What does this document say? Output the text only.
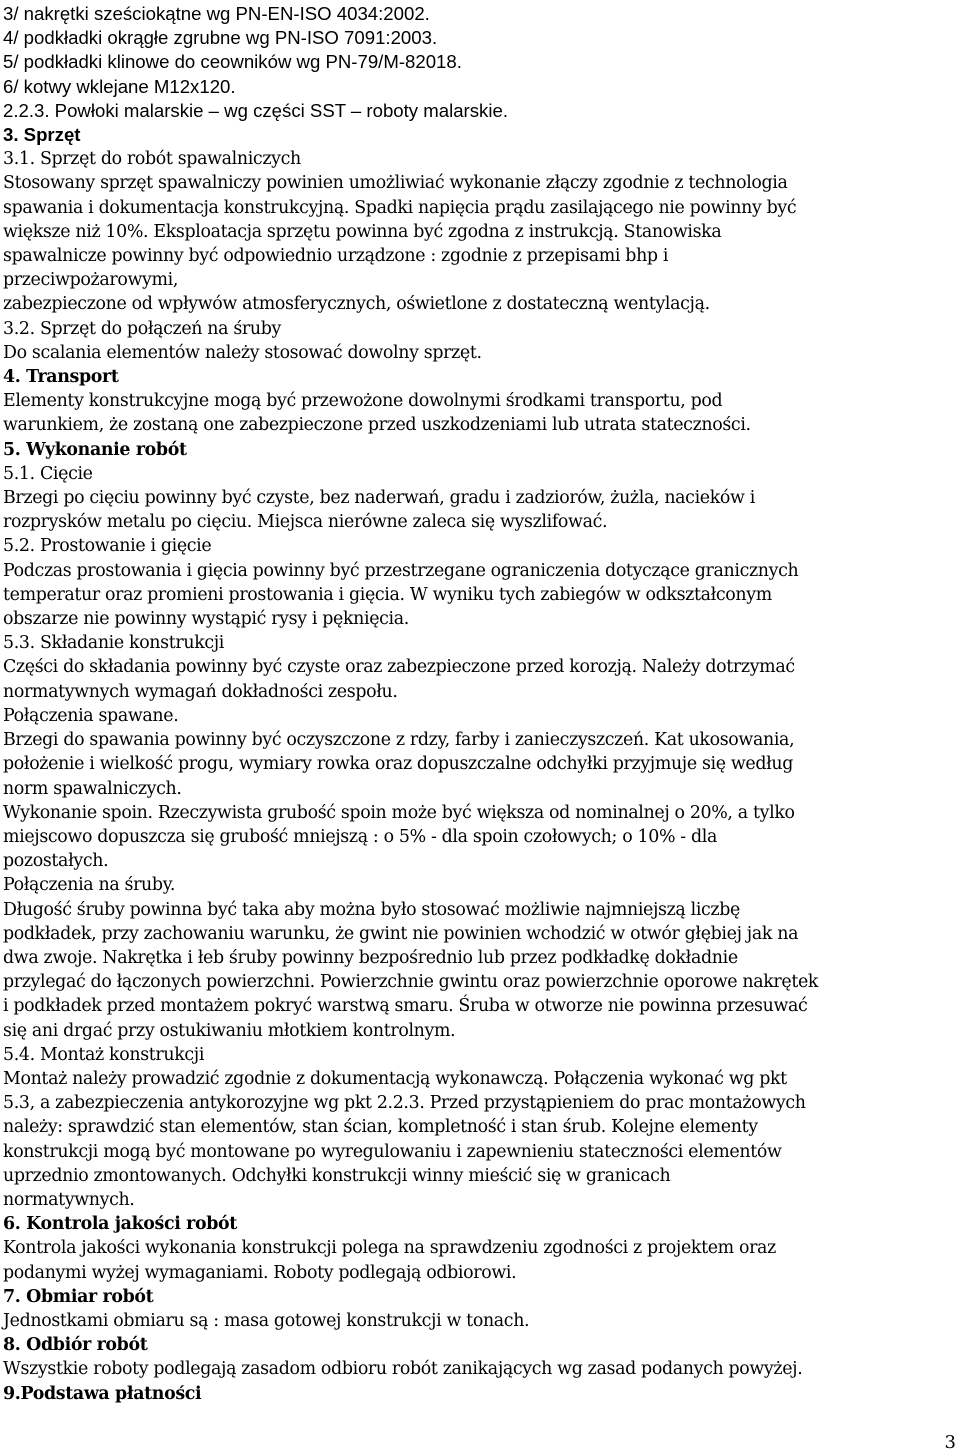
3/ nakrętki sześciokątne wg PN-EN-ISO 4034:2002.
4/ podkładki okrągłe zgrubne wg PN-ISO 7091:2003.
5/ podkładki klinowe do ceowników wg PN-79/M-82018.
6/ kotwy wklejane M12x120.
2.2.3. Powłoki malarskie – wg części SST – roboty malarskie.
3. Sprzęt
3.1. Sprzęt do robót spawalniczych
Stosowany sprzęt spawalniczy powinien umożliwiać wykonanie złączy zgodnie z technologia
spawania i dokumentacja konstrukcyjną. Spadki napięcia prądu zasilającego nie powinny być
większe niż 10%. Eksploatacja sprzętu powinna być zgodna z instrukcją. Stanowiska
spawalnicze powinny być odpowiednio urządzone : zgodnie z przepisami bhp i
przeciwpożarowymi,
zabezpieczone od wpływów atmosferycznych, oświetlone z dostateczną wentylacją.
3.2. Sprzęt do połączeń na śruby
Do scalania elementów należy stosować dowolny sprzęt.
4. Transport
Elementy konstrukcyjne mogą być przewożone dowolnymi środkami transportu, pod
warunkiem, że zostaną one zabezpieczone przed uszkodzeniami lub utrata stateczności.
5. Wykonanie robót
5.1. Cięcie
Brzegi po cięciu powinny być czyste, bez naderwań, gradu i zadziorów, żużla, nacieków i
rozprysków metalu po cięciu. Miejsca nierówne zaleca się wyszlifować.
5.2. Prostowanie i gięcie
Podczas prostowania i gięcia powinny być przestrzegane ograniczenia dotyczące granicznych
temperatur oraz promieni prostowania i gięcia. W wyniku tych zabiegów w odkształconym
obszarze nie powinny wystąpić rysy i pęknięcia.
5.3. Składanie konstrukcji
Części do składania powinny być czyste oraz zabezpieczone przed korozją. Należy dotrzymać
normatywnych wymagań dokładności zespołu.
Połączenia spawane.
Brzegi do spawania powinny być oczyszczone z rdzy, farby i zanieczyszczeń. Kat ukosowania,
położenie i wielkość progu, wymiary rowka oraz dopuszczalne odchyłki przyjmuje się według
norm spawalniczych.
Wykonanie spoin. Rzeczywista grubość spoin może być większa od nominalnej o 20%, a tylko
miejscowo dopuszcza się grubość mniejszą : o 5% - dla spoin czołowych; o 10% - dla
pozostałych.
Połączenia na śruby.
Długość śruby powinna być taka aby można było stosować możliwie najmniejszą liczbę
podkładek, przy zachowaniu warunku, że gwint nie powinien wchodzić w otwór głębiej jak na
dwa zwoje. Nakrętka i łeb śruby powinny bezpośrednio lub przez podkładkę dokładnie
przylegać do łączonych powierzchni. Powierzchnie gwintu oraz powierzchnie oporowe nakrętek
i podkładek przed montażem pokryć warstwą smaru. Śruba w otworze nie powinna przesuwać
się ani drgać przy ostukiwaniu młotkiem kontrolnym.
5.4. Montaż konstrukcji
Montaż należy prowadzić zgodnie z dokumentacją wykonawczą. Połączenia wykonać wg pkt
5.3, a zabezpieczenia antykorozyjne wg pkt 2.2.3. Przed przystąpieniem do prac montażowych
należy: sprawdzić stan elementów, stan ścian, kompletność i stan śrub. Kolejne elementy
konstrukcji mogą być montowane po wyregulowaniu i zapewnieniu stateczności elementów
uprzednio zmontowanych. Odchyłki konstrukcji winny mieścić się w granicach
normatywnych.
6. Kontrola jakości robót
Kontrola jakości wykonania konstrukcji polega na sprawdzeniu zgodności z projektem oraz
podanymi wyżej wymaganiami. Roboty podlegają odbiorowi.
7. Obmiar robót
Jednostkami obmiaru są : masa gotowej konstrukcji w tonach.
8. Odbiór robót
Wszystkie roboty podlegają zasadom odbioru robót zanikających wg zasad podanych powyżej.
9.Podstawa płatności
3
